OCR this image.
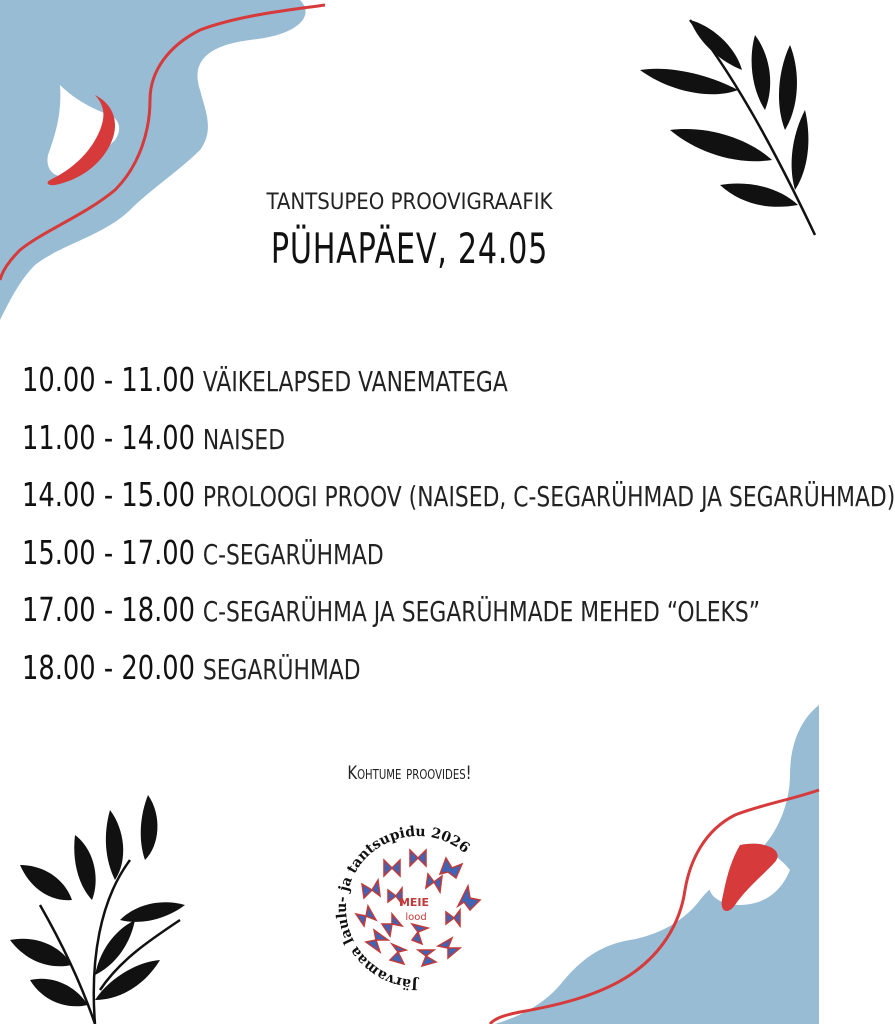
TANTSUPEO PROOVIGRAAFIK
PÜHAPÄEV, 24.05
10.00 - 11.00 VÄIKELAPSED VANEMATEGA
11.00 - 14.00 NAISED
14.00 - 15.00 PROLOOGI PROOV (NAISED, C-SEGARÜHMAD JA SEGARÜHMAD)
15.00 - 17.00 C-SEGARÜHMAD
17.00 - 18.00 C-SEGARÜHMA JA SEGARÜHMADE MEHED “OLEKS”
18.00 - 20.00 SEGARÜHMAD
Kohtume proovides!
MEIE
lood
Järvamaa laulu- ja tantsupidu 2026
